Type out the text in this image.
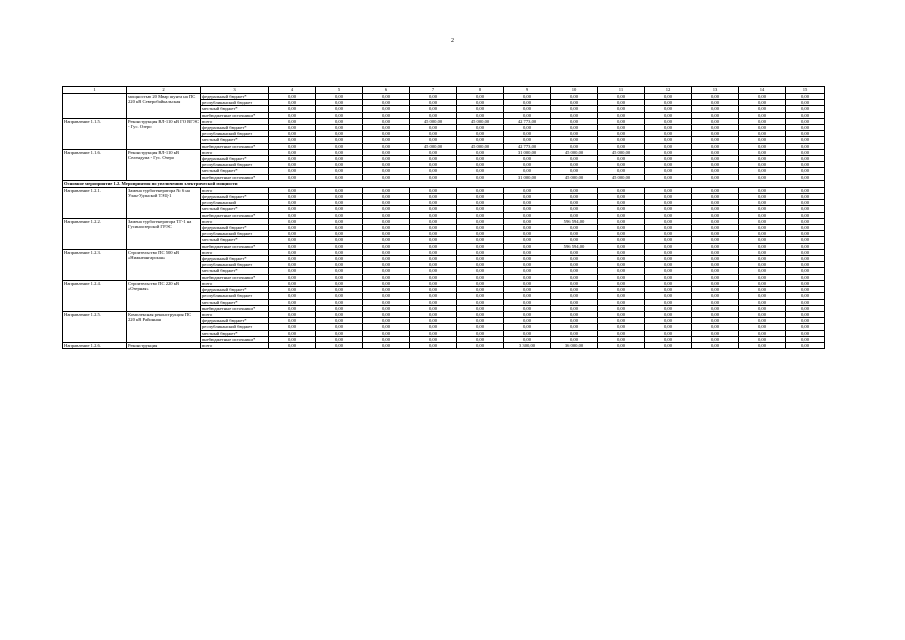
2
1	2	3	4	5	6	7	8	9	10	11	12	13	14	15
	мощностью 20 Мвар шунта на ПС 220 кВ Северобайкальская	федеральный бюджет*	0,00	0,00	0,00	0,00	0,00	0,00	0,00	0,00	0,00	0,00	0,00	0,00
		республиканский бюджет	0,00	0,00	0,00	0,00	0,00	0,00	0,00	0,00	0,00	0,00	0,00	0,00
		местный бюджет*	0,00	0,00	0,00	0,00	0,00	0,00	0,00	0,00	0,00	0,00	0,00	0,00
		внебюджетные источники*	0,00	0,00	0,00	0,00	0,00	0,00	0,00	0,00	0,00	0,00	0,00	0,00
Направление 1.1.5.	Реконструкция ВЛ-110 кВ ГО ВГЭС - Гус. Озеро	всего	0,00	0,00	0,00	45 000,00	45 000,00	42 773,00	0,00	0,00	0,00	0,00	0,00	0,00
		федеральный бюджет*	0,00	0,00	0,00	0,00	0,00	0,00	0,00	0,00	0,00	0,00	0,00	0,00
		республиканский бюджет	0,00	0,00	0,00	0,00	0,00	0,00	0,00	0,00	0,00	0,00	0,00	0,00
		местный бюджет*	0,00	0,00	0,00	0,00	0,00	0,00	0,00	0,00	0,00	0,00	0,00	0,00
		внебюджетные источники*	0,00	0,00	0,00	45 000,00	45 000,00	42 773,00	0,00	0,00	0,00	0,00	0,00	0,00
Направление 1.1.6.	Реконструкция ВЛ-110 кВ Селендума - Гус. Озеро	всего	0,00	0,00	0,00	0,00	0,00	31 000,00	45 000,00	45 000,00	0,00	0,00	0,00	0,00
		федеральный бюджет*	0,00	0,00	0,00	0,00	0,00	0,00	0,00	0,00	0,00	0,00	0,00	0,00
		республиканский бюджет	0,00	0,00	0,00	0,00	0,00	0,00	0,00	0,00	0,00	0,00	0,00	0,00
		местный бюджет*	0,00	0,00	0,00	0,00	0,00	0,00	0,00	0,00	0,00	0,00	0,00	0,00
		внебюджетные источники*	0,00	0,00	0,00	0,00	0,00	31 000,00	45 000,00	45 000,00	0,00	0,00	0,00	0,00
Основное мероприятие 1.2. Мероприятия по увеличению электрической мощности														
Направление 1.2.1.	Замена турбогенератора № 6 на Улан-Удэнской ТЭЦ-1	всего	0,00	0,00	0,00	0,00	0,00	0,00	0,00	0,00	0,00	0,00	0,00	0,00
		федеральный бюджет*	0,00	0,00	0,00	0,00	0,00	0,00	0,00	0,00	0,00	0,00	0,00	0,00
		республиканский	0,00	0,00	0,00	0,00	0,00	0,00	0,00	0,00	0,00	0,00	0,00	0,00
		местный бюджет*	0,00	0,00	0,00	0,00	0,00	0,00	0,00	0,00	0,00	0,00	0,00	0,00
		внебюджетные источники*	0,00	0,00	0,00	0,00	0,00	0,00	0,00	0,00	0,00	0,00	0,00	0,00
Направление 1.2.2.	Замена турбогенератора ТГ-1 на Гусиноозерской ГРЭС	всего	0,00	0,00	0,00	0,00	0,00	0,00	596 594,00	0,00	0,00	0,00	0,00	0,00
		федеральный бюджет*	0,00	0,00	0,00	0,00	0,00	0,00	0,00	0,00	0,00	0,00	0,00	0,00
		республиканский бюджет	0,00	0,00	0,00	0,00	0,00	0,00	0,00	0,00	0,00	0,00	0,00	0,00
		местный бюджет*	0,00	0,00	0,00	0,00	0,00	0,00	0,00	0,00	0,00	0,00	0,00	0,00
		внебюджетные источники*	0,00	0,00	0,00	0,00	0,00	0,00	596 594,00	0,00	0,00	0,00	0,00	0,00
Направление 1.2.3.	Строительство ПС 500 кВ «Нижнеангарская»	всего	0,00	0,00	0,00	0,00	0,00	0,00	0,00	0,00	0,00	0,00	0,00	0,00
		федеральный бюджет*	0,00	0,00	0,00	0,00	0,00	0,00	0,00	0,00	0,00	0,00	0,00	0,00
		республиканский бюджет	0,00	0,00	0,00	0,00	0,00	0,00	0,00	0,00	0,00	0,00	0,00	0,00
		местный бюджет*	0,00	0,00	0,00	0,00	0,00	0,00	0,00	0,00	0,00	0,00	0,00	0,00
		внебюджетные источники*	0,00	0,00	0,00	0,00	0,00	0,00	0,00	0,00	0,00	0,00	0,00	0,00
Направление 1.2.4.	Строительство ПС 220 кВ «Озерная»	всего	0,00	0,00	0,00	0,00	0,00	0,00	0,00	0,00	0,00	0,00	0,00	0,00
		федеральный бюджет*	0,00	0,00	0,00	0,00	0,00	0,00	0,00	0,00	0,00	0,00	0,00	0,00
		республиканский бюджет	0,00	0,00	0,00	0,00	0,00	0,00	0,00	0,00	0,00	0,00	0,00	0,00
		местный бюджет*	0,00	0,00	0,00	0,00	0,00	0,00	0,00	0,00	0,00	0,00	0,00	0,00
		внебюджетные источники*	0,00	0,00	0,00	0,00	0,00	0,00	0,00	0,00	0,00	0,00	0,00	0,00
Направление 1.2.5.	Комплексная реконструкция ПС 220 кВ Районная	всего	0,00	0,00	0,00	0,00	0,00	0,00	0,00	0,00	0,00	0,00	0,00	0,00
		федеральный бюджет*	0,00	0,00	0,00	0,00	0,00	0,00	0,00	0,00	0,00	0,00	0,00	0,00
		республиканский бюджет	0,00	0,00	0,00	0,00	0,00	0,00	0,00	0,00	0,00	0,00	0,00	0,00
		местный бюджет*	0,00	0,00	0,00	0,00	0,00	0,00	0,00	0,00	0,00	0,00	0,00	0,00
		внебюджетные источники*	0,00	0,00	0,00	0,00	0,00	0,00	0,00	0,00	0,00	0,00	0,00	0,00
Направление 1.2.6.	Реконструкция	всего	0,00	0,00	0,00	0,00	0,00	3 300,00	36 000,00	0,00	0,00	0,00	0,00	0,00
